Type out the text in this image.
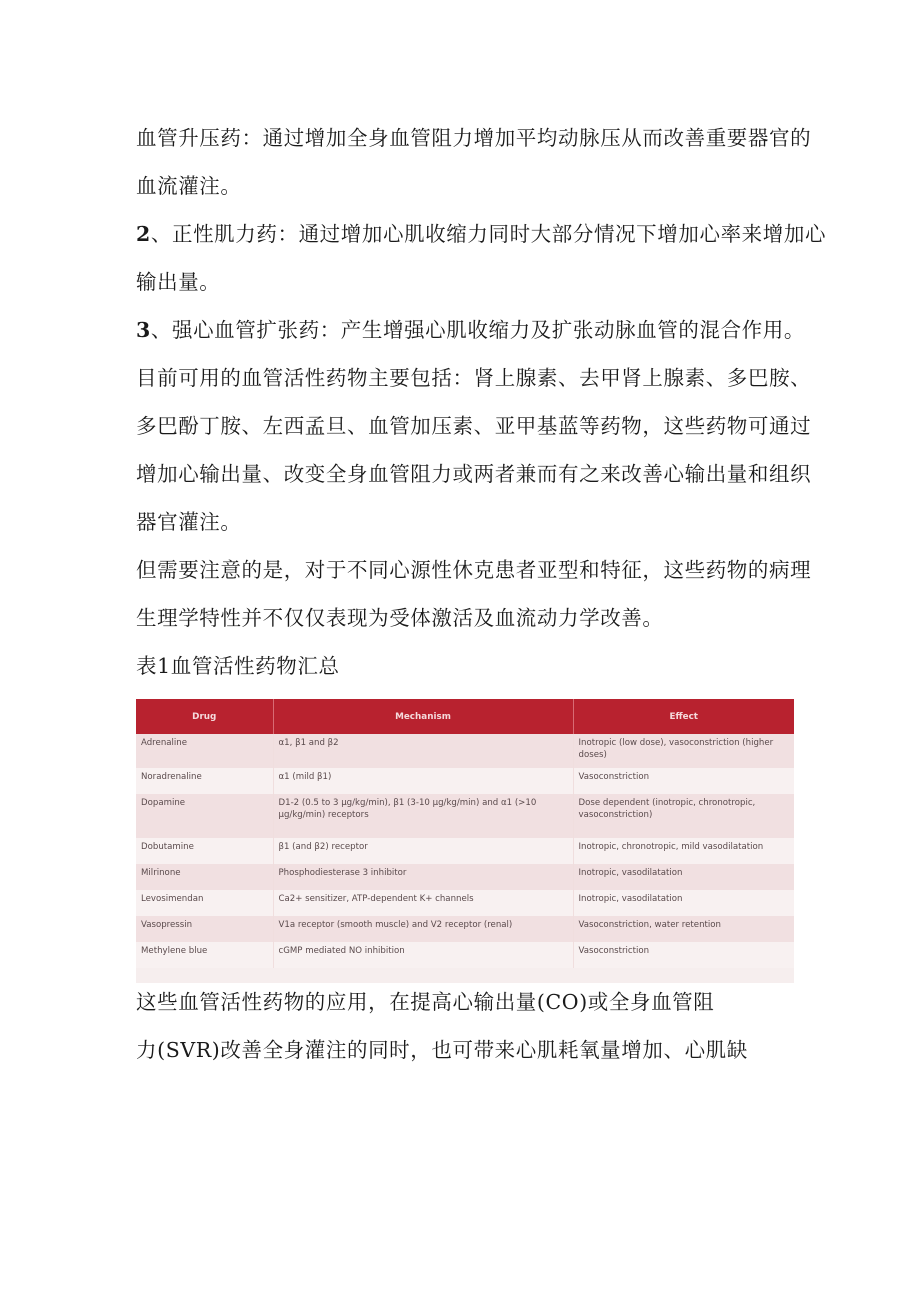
血管升压药：通过增加全身血管阻力增加平均动脉压从而改善重要器官的
血流灌注。
2、正性肌力药：通过增加心肌收缩力同时大部分情况下增加心率来增加心
输出量。
3、强心血管扩张药：产生增强心肌收缩力及扩张动脉血管的混合作用。
目前可用的血管活性药物主要包括：肾上腺素、去甲肾上腺素、多巴胺、
多巴酚丁胺、左西孟旦、血管加压素、亚甲基蓝等药物，这些药物可通过
增加心输出量、改变全身血管阻力或两者兼而有之来改善心输出量和组织
器官灌注。
但需要注意的是，对于不同心源性休克患者亚型和特征，这些药物的病理
生理学特性并不仅仅表现为受体激活及血流动力学改善。
表1血管活性药物汇总
Drug	Mechanism	Effect
Adrenaline	α1, β1 and β2	Inotropic (low dose), vasoconstriction (higher doses)
Noradrenaline	α1 (mild β1)	Vasoconstriction
Dopamine	D1-2 (0.5 to 3 μg/kg/min), β1 (3-10 μg/kg/min) and α1 (>10 μg/kg/min) receptors	Dose dependent (inotropic, chronotropic, vasoconstriction)
Dobutamine	β1 (and β2) receptor	Inotropic, chronotropic, mild vasodilatation
Milrinone	Phosphodiesterase 3 inhibitor	Inotropic, vasodilatation
Levosimendan	Ca2+ sensitizer, ATP-dependent K+ channels	Inotropic, vasodilatation
Vasopressin	V1a receptor (smooth muscle) and V2 receptor (renal)	Vasoconstriction, water retention
Methylene blue	cGMP mediated NO inhibition	Vasoconstriction
这些血管活性药物的应用，在提高心输出量(CO)或全身血管阻
力(SVR)改善全身灌注的同时，也可带来心肌耗氧量增加、心肌缺
